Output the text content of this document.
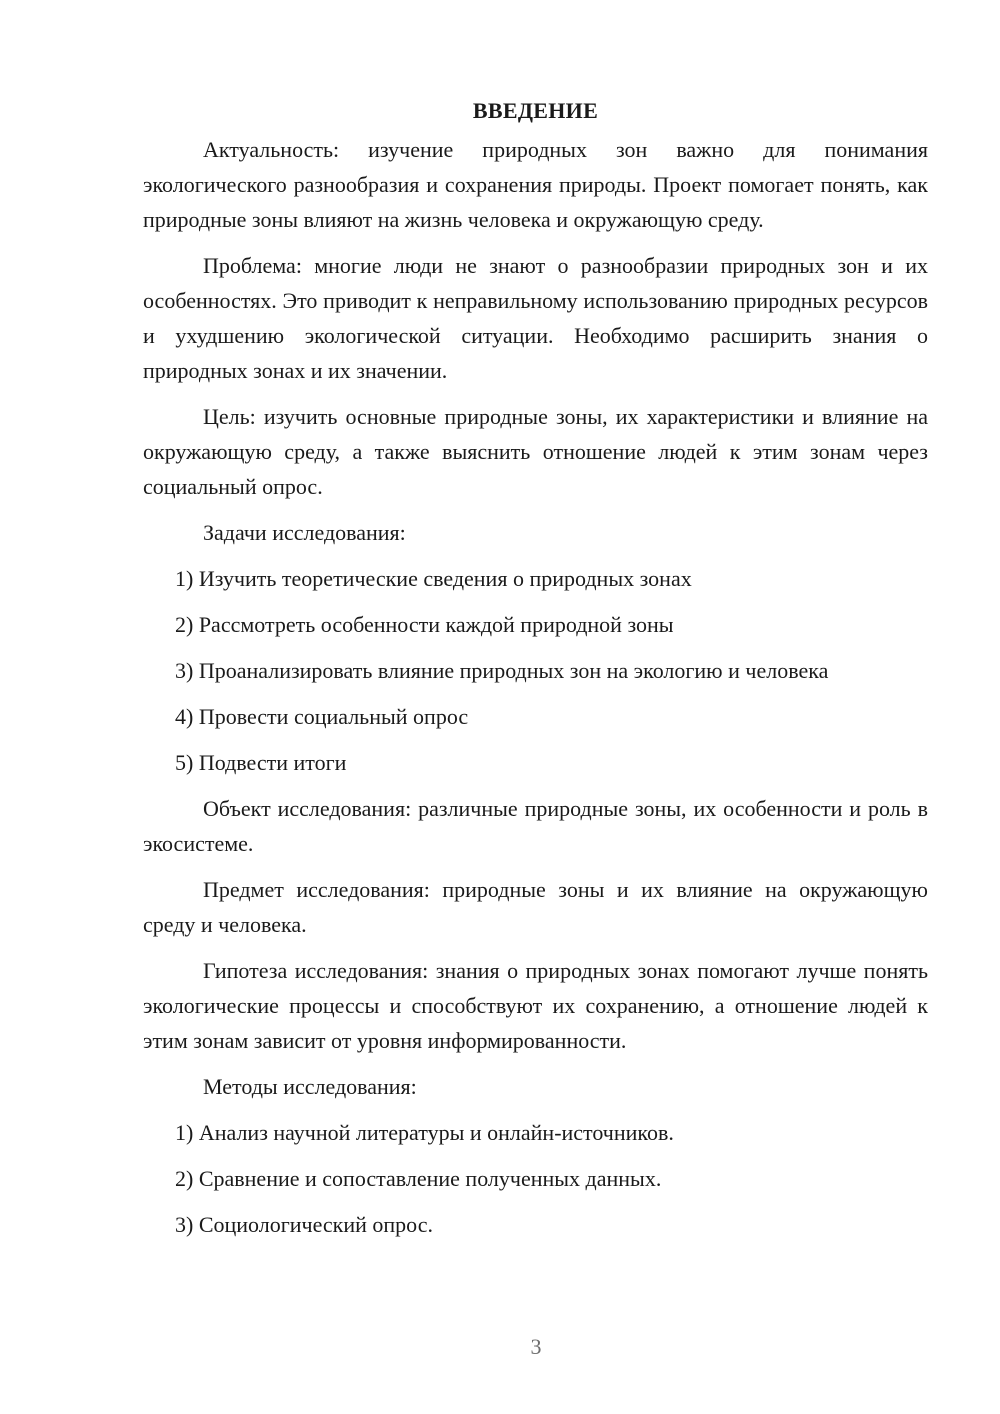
ВВЕДЕНИЕ

Актуальность: изучение природных зон важно для понимания экологического разнообразия и сохранения природы. Проект помогает понять, как природные зоны влияют на жизнь человека и окружающую среду.

Проблема: многие люди не знают о разнообразии природных зон и их особенностях. Это приводит к неправильному использованию природных ресурсов и ухудшению экологической ситуации. Необходимо расширить знания о природных зонах и их значении.

Цель: изучить основные природные зоны, их характеристики и влияние на окружающую среду, а также выяснить отношение людей к этим зонам через социальный опрос.

Задачи исследования:

1) Изучить теоретические сведения о природных зонах

2) Рассмотреть особенности каждой природной зоны

3) Проанализировать влияние природных зон на экологию и человека

4) Провести социальный опрос

5) Подвести итоги

Объект исследования: различные природные зоны, их особенности и роль в экосистеме.

Предмет исследования: природные зоны и их влияние на окружающую среду и человека.

Гипотеза исследования: знания о природных зонах помогают лучше понять экологические процессы и способствуют их сохранению, а отношение людей к этим зонам зависит от уровня информированности.

Методы исследования:

1) Анализ научной литературы и онлайн-источников.

2) Сравнение и сопоставление полученных данных.

3) Социологический опрос.

3
